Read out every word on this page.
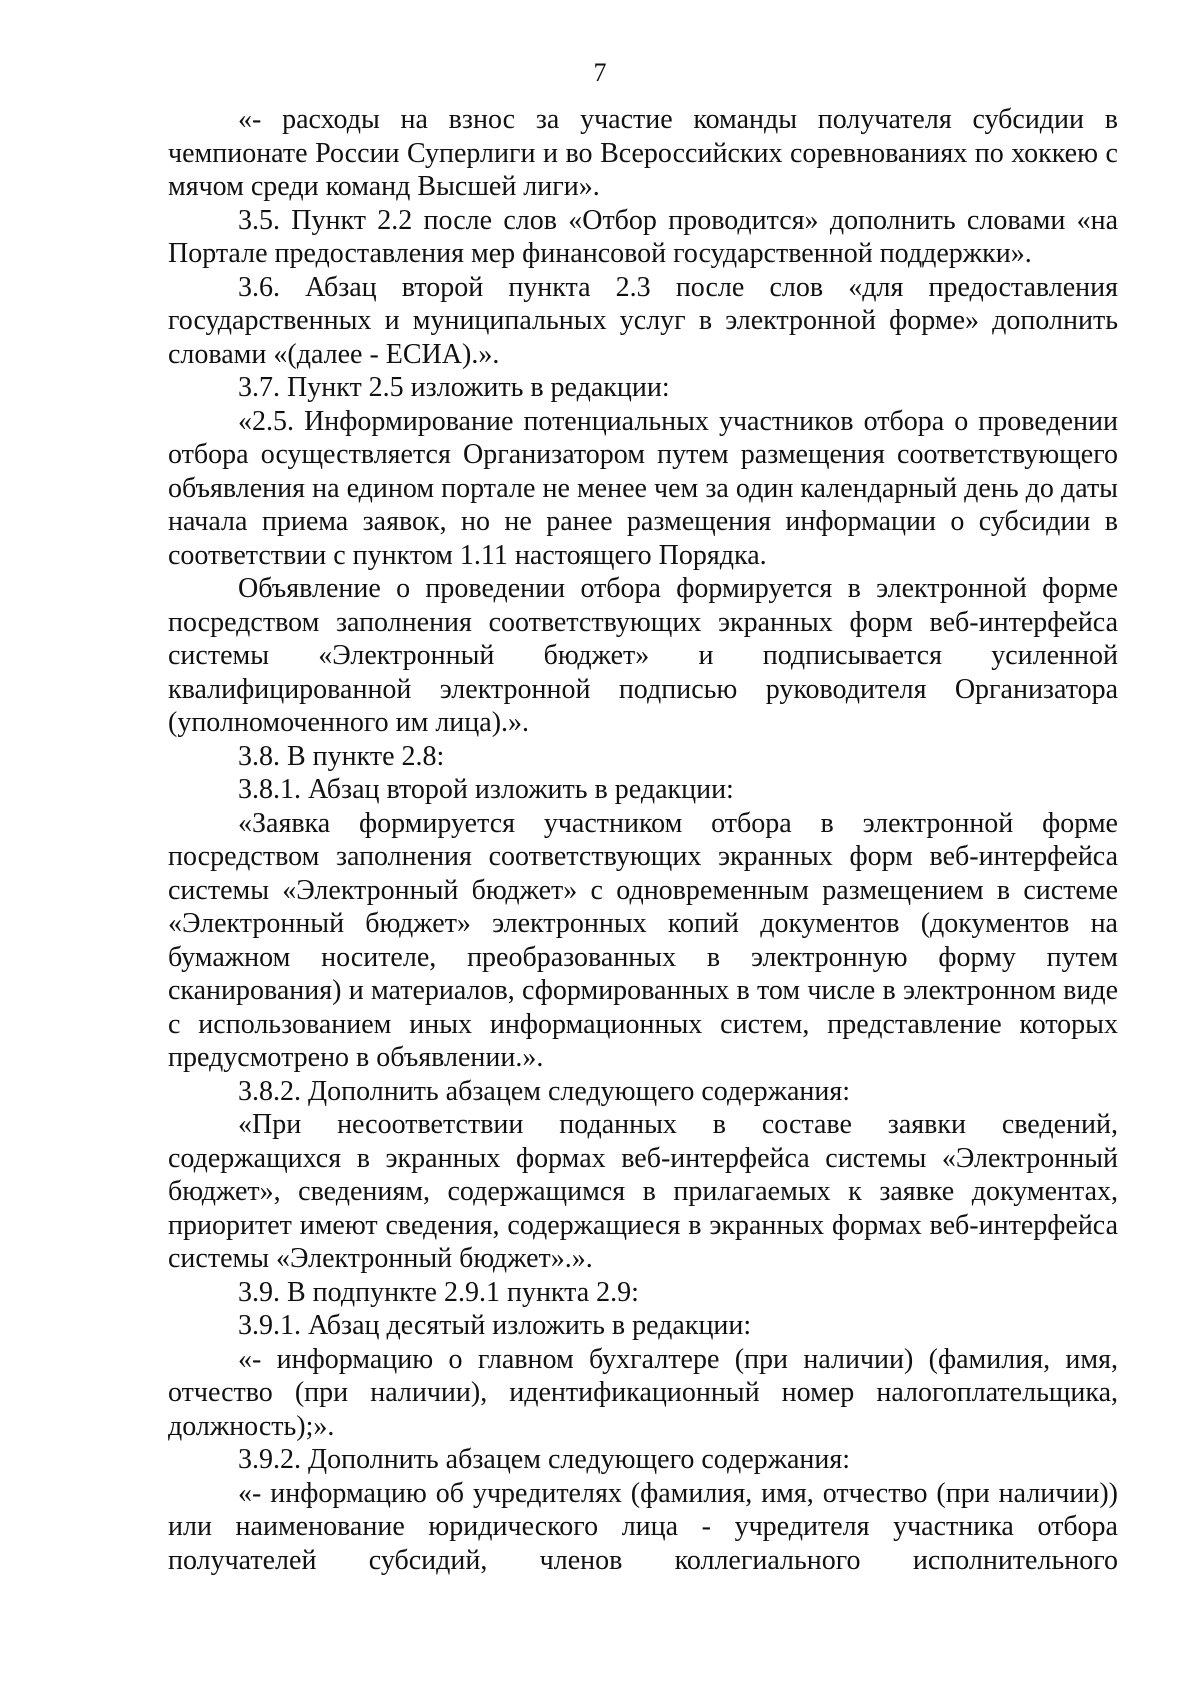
7

«- расходы на взнос за участие команды получателя субсидии в чемпионате России Суперлиги и во Всероссийских соревнованиях по хоккею с мячом среди команд Высшей лиги».

3.5. Пункт 2.2 после слов «Отбор проводится» дополнить словами «на Портале предоставления мер финансовой государственной поддержки».

3.6. Абзац второй пункта 2.3 после слов «для предоставления государственных и муниципальных услуг в электронной форме» дополнить словами «(далее - ЕСИА).».

3.7. Пункт 2.5 изложить в редакции:

«2.5. Информирование потенциальных участников отбора о проведении отбора осуществляется Организатором путем размещения соответствующего объявления на едином портале не менее чем за один календарный день до даты начала приема заявок, но не ранее размещения информации о субсидии в соответствии с пунктом 1.11 настоящего Порядка.

Объявление о проведении отбора формируется в электронной форме посредством заполнения соответствующих экранных форм веб-интерфейса системы «Электронный бюджет» и подписывается усиленной квалифицированной электронной подписью руководителя Организатора (уполномоченного им лица).».

3.8. В пункте 2.8:

3.8.1. Абзац второй изложить в редакции:

«Заявка формируется участником отбора в электронной форме посредством заполнения соответствующих экранных форм веб-интерфейса системы «Электронный бюджет» с одновременным размещением в системе «Электронный бюджет» электронных копий документов (документов на бумажном носителе, преобразованных в электронную форму путем сканирования) и материалов, сформированных в том числе в электронном виде с использованием иных информационных систем, представление которых предусмотрено в объявлении.».

3.8.2. Дополнить абзацем следующего содержания:

«При несоответствии поданных в составе заявки сведений, содержащихся в экранных формах веб-интерфейса системы «Электронный бюджет», сведениям, содержащимся в прилагаемых к заявке документах, приоритет имеют сведения, содержащиеся в экранных формах веб-интерфейса системы «Электронный бюджет».».

3.9. В подпункте 2.9.1 пункта 2.9:

3.9.1. Абзац десятый изложить в редакции:

«- информацию о главном бухгалтере (при наличии) (фамилия, имя, отчество (при наличии), идентификационный номер налогоплательщика, должность);».

3.9.2. Дополнить абзацем следующего содержания:

«- информацию об учредителях (фамилия, имя, отчество (при наличии)) или наименование юридического лица - учредителя участника отбора получателей субсидий, членов коллегиального исполнительного
